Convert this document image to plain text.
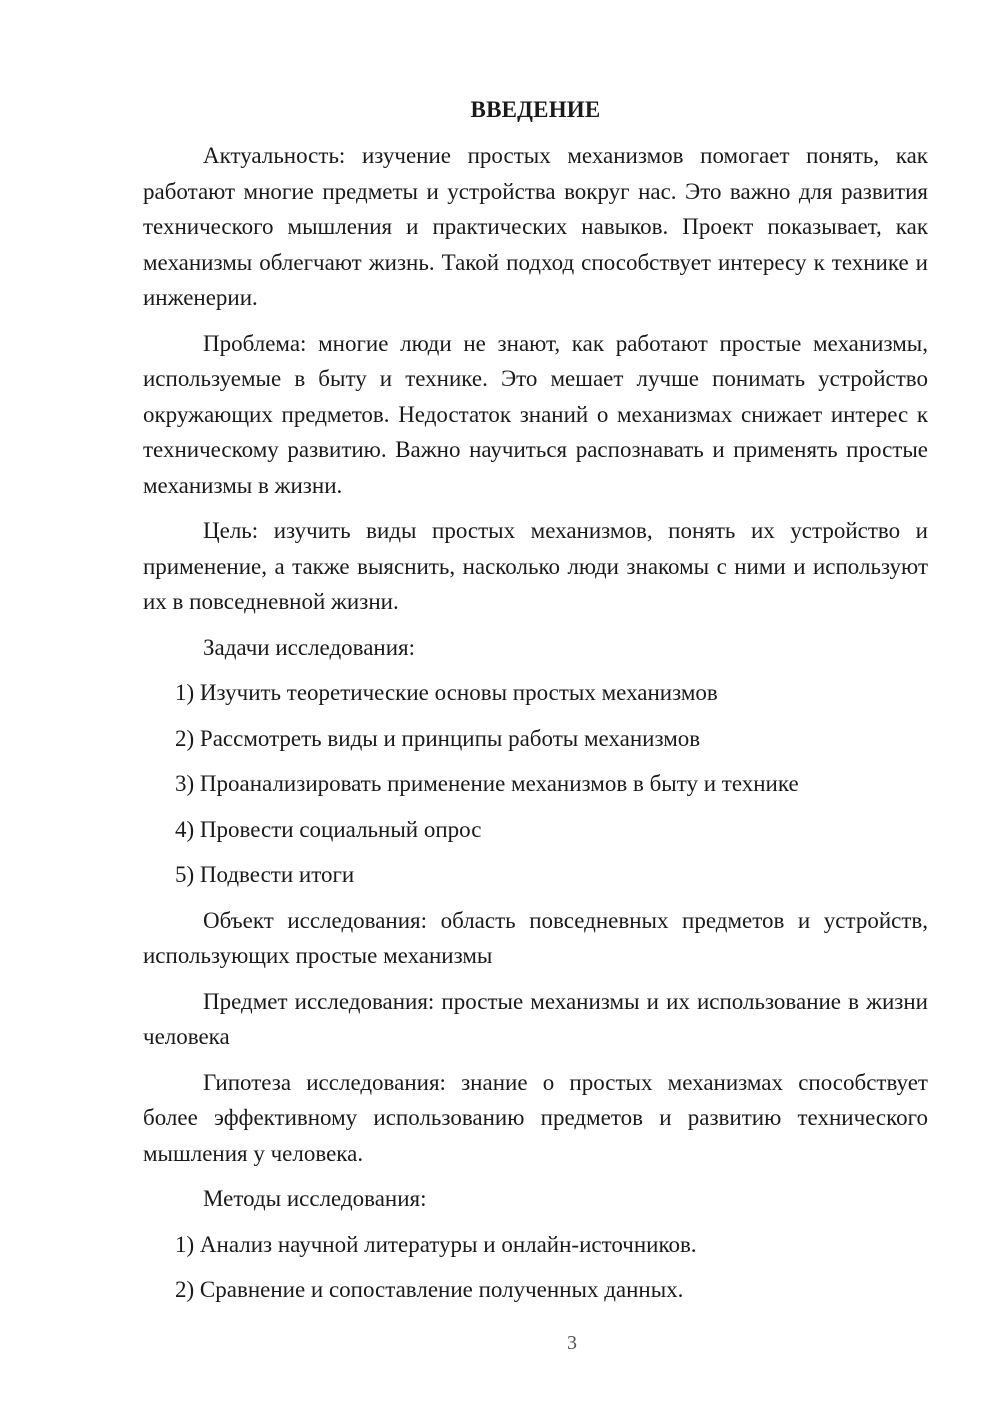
ВВЕДЕНИЕ

Актуальность: изучение простых механизмов помогает понять, как работают многие предметы и устройства вокруг нас. Это важно для развития технического мышления и практических навыков. Проект показывает, как механизмы облегчают жизнь. Такой подход способствует интересу к технике и инженерии.

Проблема: многие люди не знают, как работают простые механизмы, используемые в быту и технике. Это мешает лучше понимать устройство окружающих предметов. Недостаток знаний о механизмах снижает интерес к техническому развитию. Важно научиться распознавать и применять простые механизмы в жизни.

Цель: изучить виды простых механизмов, понять их устройство и применение, а также выяснить, насколько люди знакомы с ними и используют их в повседневной жизни.

Задачи исследования:

1) Изучить теоретические основы простых механизмов
2) Рассмотреть виды и принципы работы механизмов
3) Проанализировать применение механизмов в быту и технике
4) Провести социальный опрос
5) Подвести итоги

Объект исследования: область повседневных предметов и устройств, использующих простые механизмы

Предмет исследования: простые механизмы и их использование в жизни человека

Гипотеза исследования: знание о простых механизмах способствует более эффективному использованию предметов и развитию технического мышления у человека.

Методы исследования:

1) Анализ научной литературы и онлайн-источников.
2) Сравнение и сопоставление полученных данных.
3
